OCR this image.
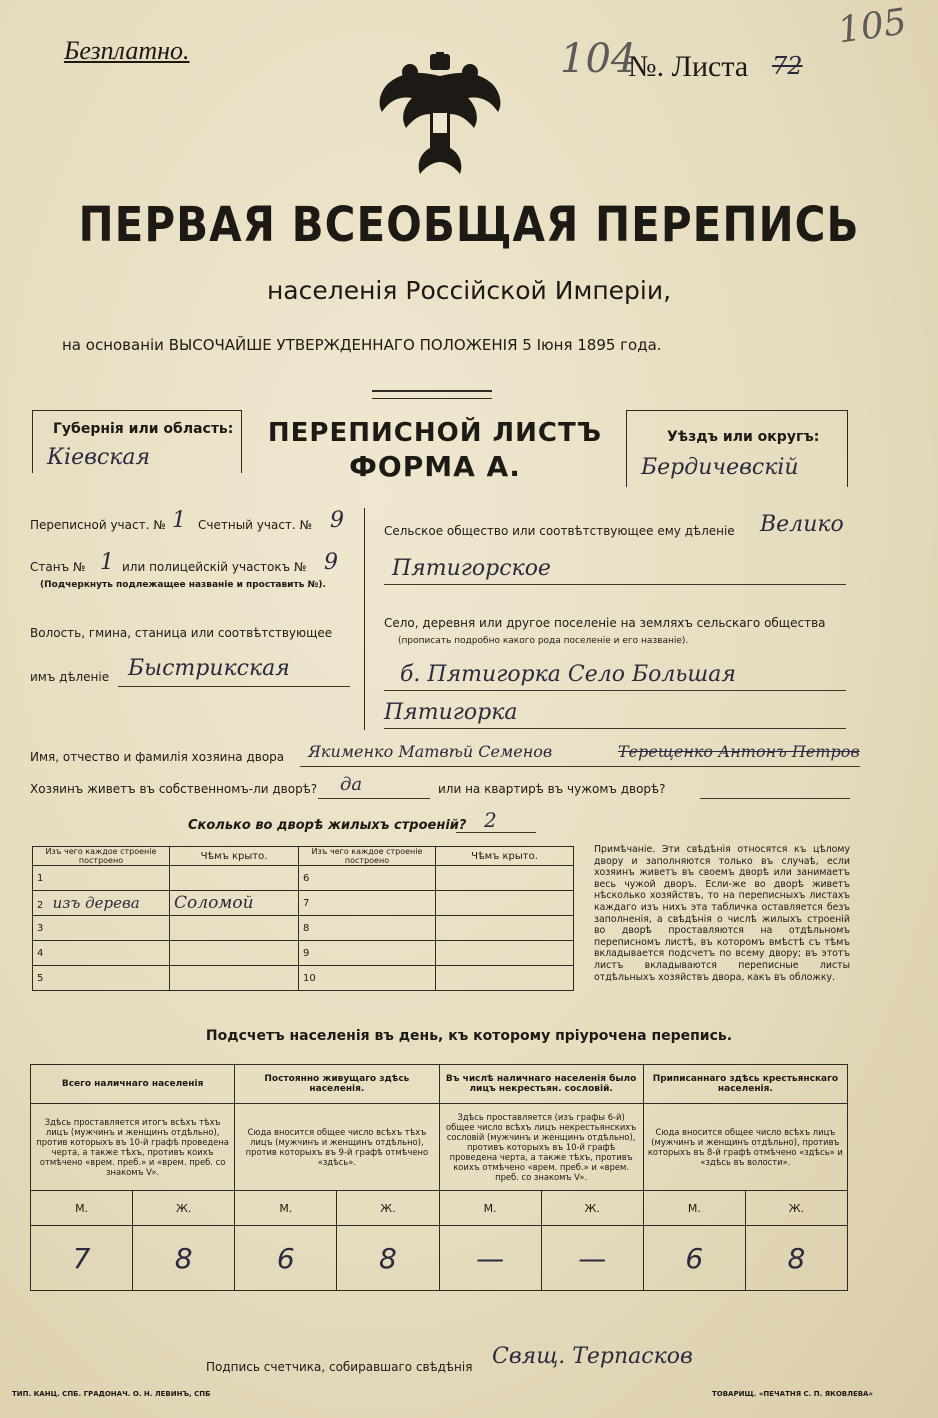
Безплатно.	104
№. Листа 72
105
ПЕРВАЯ ВСЕОБЩАЯ ПЕРЕПИСЬ
населенія Россійской Имперіи,
на основаніи ВЫСОЧАЙШЕ УТВЕРЖДЕННАГО ПОЛОЖЕНІЯ 5 Іюня 1895 года.
Губернія или область:
Кіевская
ПЕРЕПИСНОЙ ЛИСТЪ
ФОРМА А.
Уѣздъ или округъ:
Бердичевскій
Переписной участ. № 1 Счетный участ. № 9
Станъ № 1 или полицейскій участокъ № 9
(Подчеркнуть подлежащее названіе и проставить №).
Волость, гмина, станица или соотвѣтствующее
имъ дѣленіе Быстрикская
Сельское общество или соотвѣтствующее ему дѣленіе Велико
Пятигорское
Село, деревня или другое поселеніе на земляхъ сельскаго общества
(прописать подробно какого рода поселеніе и его названіе).
б. Пятигорка Село Большая
Пятигорка
Имя, отчество и фамилія хозяина двора Якименко Матвѣй Семенов	Терещенко Антонъ Петров
Хозяинъ живетъ въ собственномъ-ли дворѣ? да	или на квартирѣ въ чужомъ дворѣ?
Сколько во дворѣ жилыхъ строеній? 2
Изъ чего каждое строеніе построено	Чѣмъ крыто.	Изъ чего каждое строеніе построено	Чѣмъ крыто.
1		6	
2 изъ дерева	Соломой	7	
3		8	
4		9	
5		10	
Примѣчаніе. Эти свѣдѣнія относятся къ цѣлому двору и заполняются только въ случаѣ, если хозяинъ живетъ въ своемъ дворѣ или занимаетъ весь чужой дворъ. Если-же во дворѣ живетъ нѣсколько хозяйствъ, то на переписныхъ листахъ каждаго изъ нихъ эта табличка оставляется безъ заполненія, а свѣдѣнія о числѣ жилыхъ строеній во дворѣ проставляются на отдѣльномъ переписномъ листѣ, въ которомъ вмѣстѣ съ тѣмъ вкладывается подсчетъ по всему двору; въ этотъ листъ вкладываются переписные листы отдѣльныхъ хозяйствъ двора, какъ въ обложку.
Подсчетъ населенія въ день, къ которому пріурочена перепись.
Всего наличнаго населенія		Постоянно живущаго здѣсь населенія.		Въ числѣ наличнаго населенія было лицъ некрестьян. сословій.		Приписаннаго здѣсь крестьянскаго населенія.	
Здѣсь проставляется итогъ всѣхъ тѣхъ лицъ (мужчинъ и женщинъ отдѣльно), против которыхъ въ 10-й графѣ проведена черта, а также тѣхъ, противъ коихъ отмѣчено «врем. преб.» и «врем. преб. со знакомъ V».		Сюда вносится общее число всѣхъ тѣхъ лицъ (мужчинъ и женщинъ отдѣльно), против которыхъ въ 9-й графѣ отмѣчено «здѣсь».		Здѣсь проставляется (изъ графы 6-й) общее число всѣхъ лицъ некрестьянскихъ сословій (мужчинъ и женщинъ отдѣльно), противъ которыхъ въ 10-й графѣ проведена черта, а также тѣхъ, противъ коихъ отмѣчено «врем. преб.» и «врем. преб. со знакомъ V».		Сюда вносится общее число всѣхъ лицъ (мужчинъ и женщинъ отдѣльно), противъ которыхъ въ 8-й графѣ отмѣчено «здѣсь» и «здѣсь въ волости».	
М.	Ж.	М.	Ж.	М.	Ж.	М.	Ж.
7	8	6	8	—	—	6	8
Подпись счетчика, собиравшаго свѣдѣнія Свящ. Терпасков
ТИП. КАНЦ. СПБ. ГРАДОНАЧ. О. Н. ЛЕВИНЪ, СПБ	ТОВАРИЩ. «ПЕЧАТНЯ С. П. ЯКОВЛЕВА»
